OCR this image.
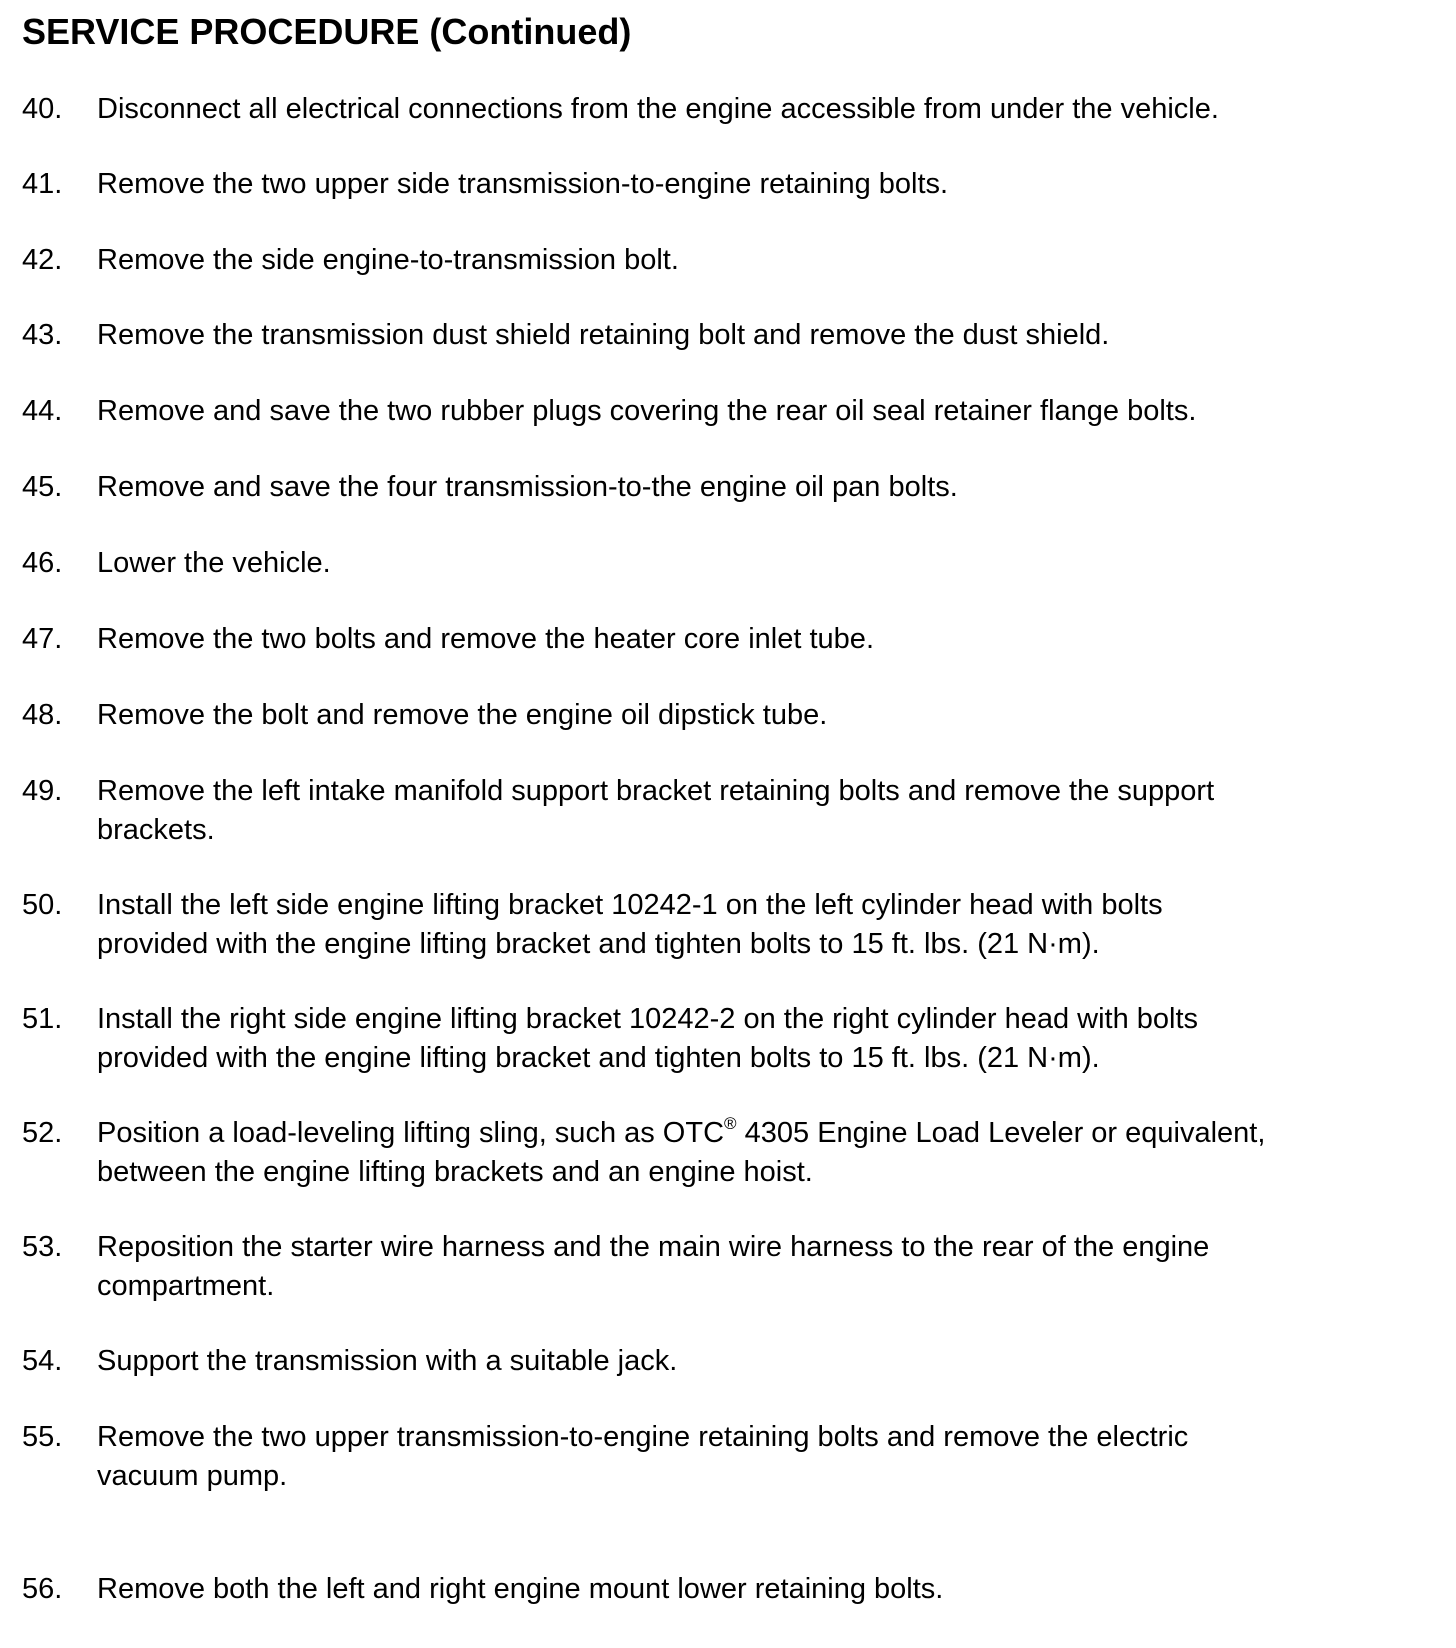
SERVICE PROCEDURE (Continued)
40. Disconnect all electrical connections from the engine accessible from under the vehicle.
41. Remove the two upper side transmission-to-engine retaining bolts.
42. Remove the side engine-to-transmission bolt.
43. Remove the transmission dust shield retaining bolt and remove the dust shield.
44. Remove and save the two rubber plugs covering the rear oil seal retainer flange bolts.
45. Remove and save the four transmission-to-the engine oil pan bolts.
46. Lower the vehicle.
47. Remove the two bolts and remove the heater core inlet tube.
48. Remove the bolt and remove the engine oil dipstick tube.
49. Remove the left intake manifold support bracket retaining bolts and remove the support
brackets.
50. Install the left side engine lifting bracket 10242-1 on the left cylinder head with bolts
provided with the engine lifting bracket and tighten bolts to 15 ft. lbs. (21 N·m).
51. Install the right side engine lifting bracket 10242-2 on the right cylinder head with bolts
provided with the engine lifting bracket and tighten bolts to 15 ft. lbs. (21 N·m).
52. Position a load-leveling lifting sling, such as OTC® 4305 Engine Load Leveler or equivalent,
between the engine lifting brackets and an engine hoist.
53. Reposition the starter wire harness and the main wire harness to the rear of the engine
compartment.
54. Support the transmission with a suitable jack.
55. Remove the two upper transmission-to-engine retaining bolts and remove the electric
vacuum pump.
56. Remove both the left and right engine mount lower retaining bolts.
